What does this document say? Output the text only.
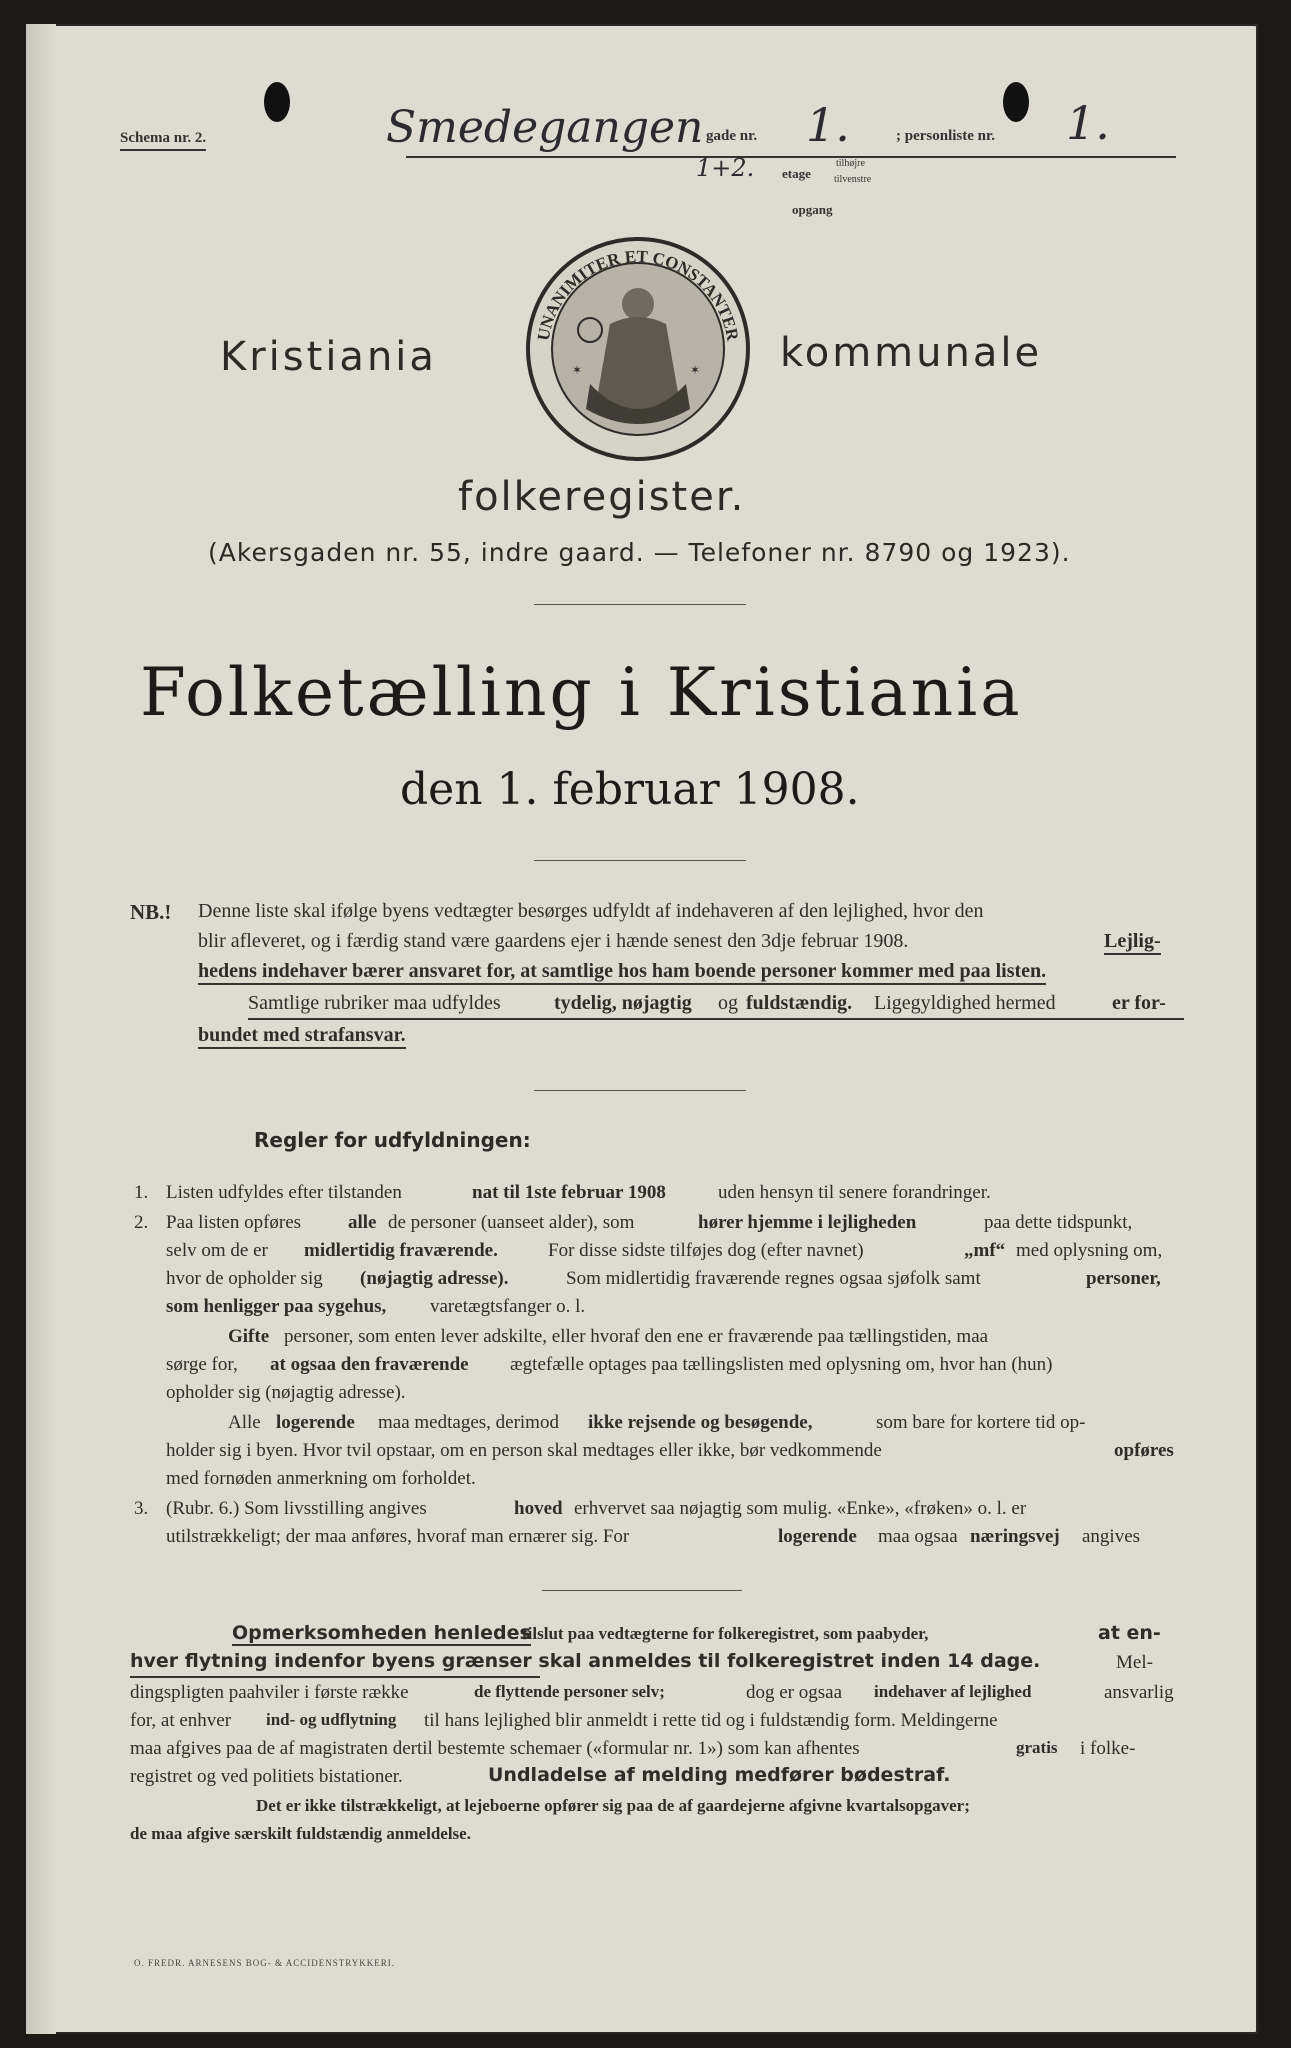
Schema nr. 2.	Smedegangen gade nr. 1.	; personliste nr. 1.
1+2. etage
tilhøjre
tilvenstre
opgang
UNANIMITER ET CONSTANTER
✶	✶
Kristiania	kommunale
folkeregister.
(Akersgaden nr. 55, indre gaard. — Telefoner nr. 8790 og 1923).
Folketælling i Kristiania
den 1. februar 1908.
NB.! Denne liste skal ifølge byens vedtægter besørges udfyldt af indehaveren af den lejlighed, hvor den
blir afleveret, og i færdig stand være gaardens ejer i hænde senest den 3dje februar 1908.	Lejlig-
hedens indehaver bærer ansvaret for, at samtlige hos ham boende personer kommer med paa listen.
Samtlige rubriker maa udfyldes	tydelig, nøjagtig og fuldstændig. Ligegyldighed hermed	er for-
bundet med strafansvar.
Regler for udfyldningen:
1. Listen udfyldes efter tilstanden	nat til 1ste februar 1908	uden hensyn til senere forandringer.
2. Paa listen opføres alle de personer (uanseet alder), som	hører hjemme i lejligheden	paa dette tidspunkt,
selv om de er midlertidig fraværende.	For disse sidste tilføjes dog (efter navnet)	„mf“ med oplysning om,
hvor de opholder sig (nøjagtig adresse).	Som midlertidig fraværende regnes ogsaa sjøfolk samt	personer,
som henligger paa sygehus, varetægtsfanger o. l.
Gifte personer, som enten lever adskilte, eller hvoraf den ene er fraværende paa tællingstiden, maa
sørge for, at ogsaa den fraværende ægtefælle optages paa tællingslisten med oplysning om, hvor han (hun)
opholder sig (nøjagtig adresse).
Alle logerende maa medtages, derimod ikke rejsende og besøgende,	som bare for kortere tid op-
holder sig i byen. Hvor tvil opstaar, om en person skal medtages eller ikke, bør vedkommende	opføres
med fornøden anmerkning om forholdet.
3. (Rubr. 6.) Som livsstilling angives	hoved erhvervet saa nøjagtig som mulig. «Enke», «frøken» o. l. er
utilstrækkeligt; der maa anføres, hvoraf man ernærer sig. For	logerende maa ogsaa næringsvej angives
Opmerksomheden henledes
tilslut paa vedtægterne for folkeregistret, som paabyder,	at en-
hver flytning indenfor byens grænser skal anmeldes til folkeregistret inden 14 dage.	Mel-
dingspligten paahviler i første række	de flyttende personer selv;	dog er ogsaa indehaver af lejlighed	ansvarlig
for, at enhver ind- og udflytning til hans lejlighed blir anmeldt i rette tid og i fuldstændig form. Meldingerne
maa afgives paa de af magistraten dertil bestemte schemaer («formular nr. 1») som kan afhentes	gratis i folke-
registret og ved politiets bistationer.	Undladelse af melding medfører bødestraf.
Det er ikke tilstrækkeligt, at lejeboerne opfører sig paa de af gaardejerne afgivne kvartalsopgaver;
de maa afgive særskilt fuldstændig anmeldelse.
O. FREDR. ARNESENS BOG- & ACCIDENSTRYKKERI.
